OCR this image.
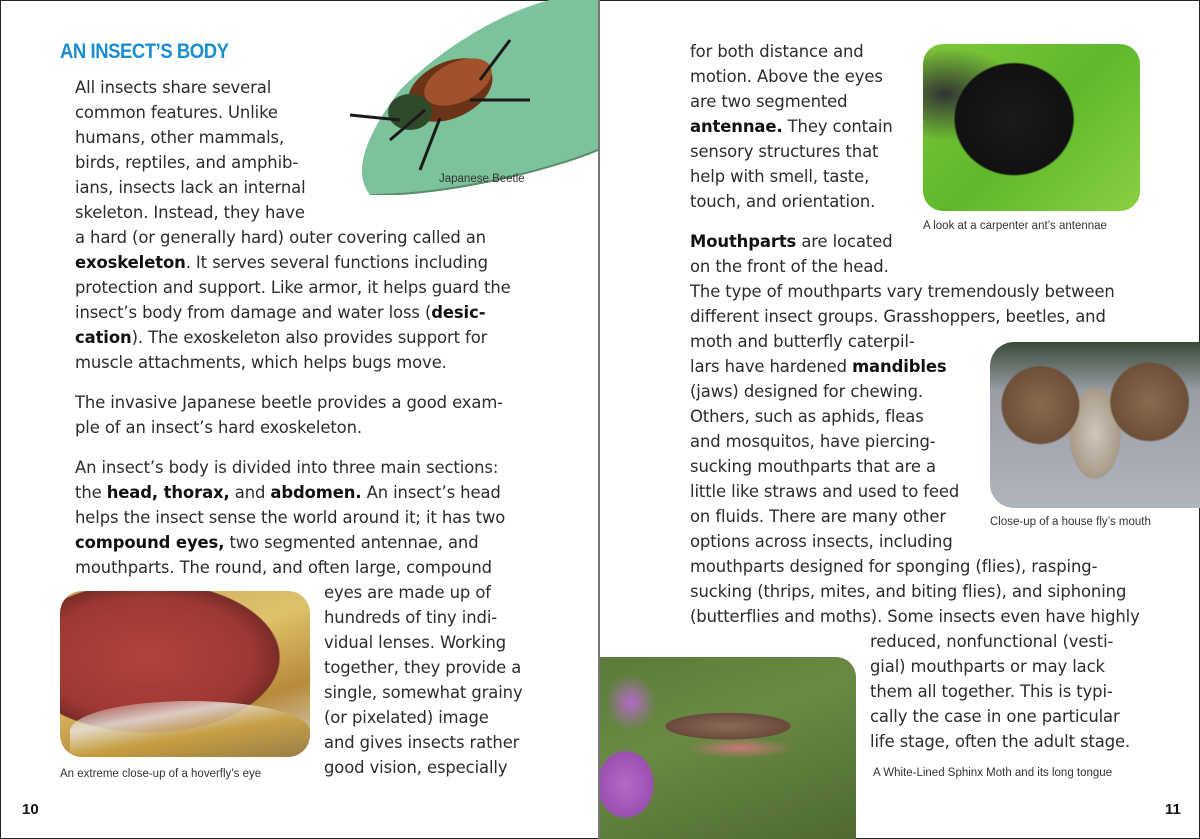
Japanese Beetle
AN INSECT’S BODY
All insects share several
common features. Unlike
humans, other mammals,
birds, reptiles, and amphib-
ians, insects lack an internal
skeleton. Instead, they have
a hard (or generally hard) outer covering called an
exoskeleton. It serves several functions including
protection and support. Like armor, it helps guard the
insect’s body from damage and water loss (desic-
cation). The exoskeleton also provides support for
muscle attachments, which helps bugs move.
The invasive Japanese beetle provides a good exam-
ple of an insect’s hard exoskeleton.
An insect’s body is divided into three main sections:
the head, thorax, and abdomen. An insect’s head
helps the insect sense the world around it; it has two
compound eyes, two segmented antennae, and
mouthparts. The round, and often large, compound
An extreme close-up of a hoverfly’s eye
eyes are made up of
hundreds of tiny indi-
vidual lenses. Working
together, they provide a
single, somewhat grainy
(or pixelated) image
and gives insects rather
good vision, especially
10
for both distance and
motion. Above the eyes
are two segmented
antennae. They contain
sensory structures that
help with smell, taste,
touch, and orientation.
Mouthparts are located
on the front of the head.
The type of mouthparts vary tremendously between
different insect groups. Grasshoppers, beetles, and
moth and butterfly caterpil-
lars have hardened mandibles
(jaws) designed for chewing.
Others, such as aphids, fleas
and mosquitos, have piercing-
sucking mouthparts that are a
little like straws and used to feed
on fluids. There are many other
options across insects, including
mouthparts designed for sponging (flies), rasping-
sucking (thrips, mites, and biting flies), and siphoning
(butterflies and moths). Some insects even have highly
reduced, nonfunctional (vesti-
gial) mouthparts or may lack
them all together. This is typi-
cally the case in one particular
life stage, often the adult stage.
A White-Lined Sphinx Moth and its long tongue
11
A look at a carpenter ant’s antennae
Close-up of a house fly’s mouth
